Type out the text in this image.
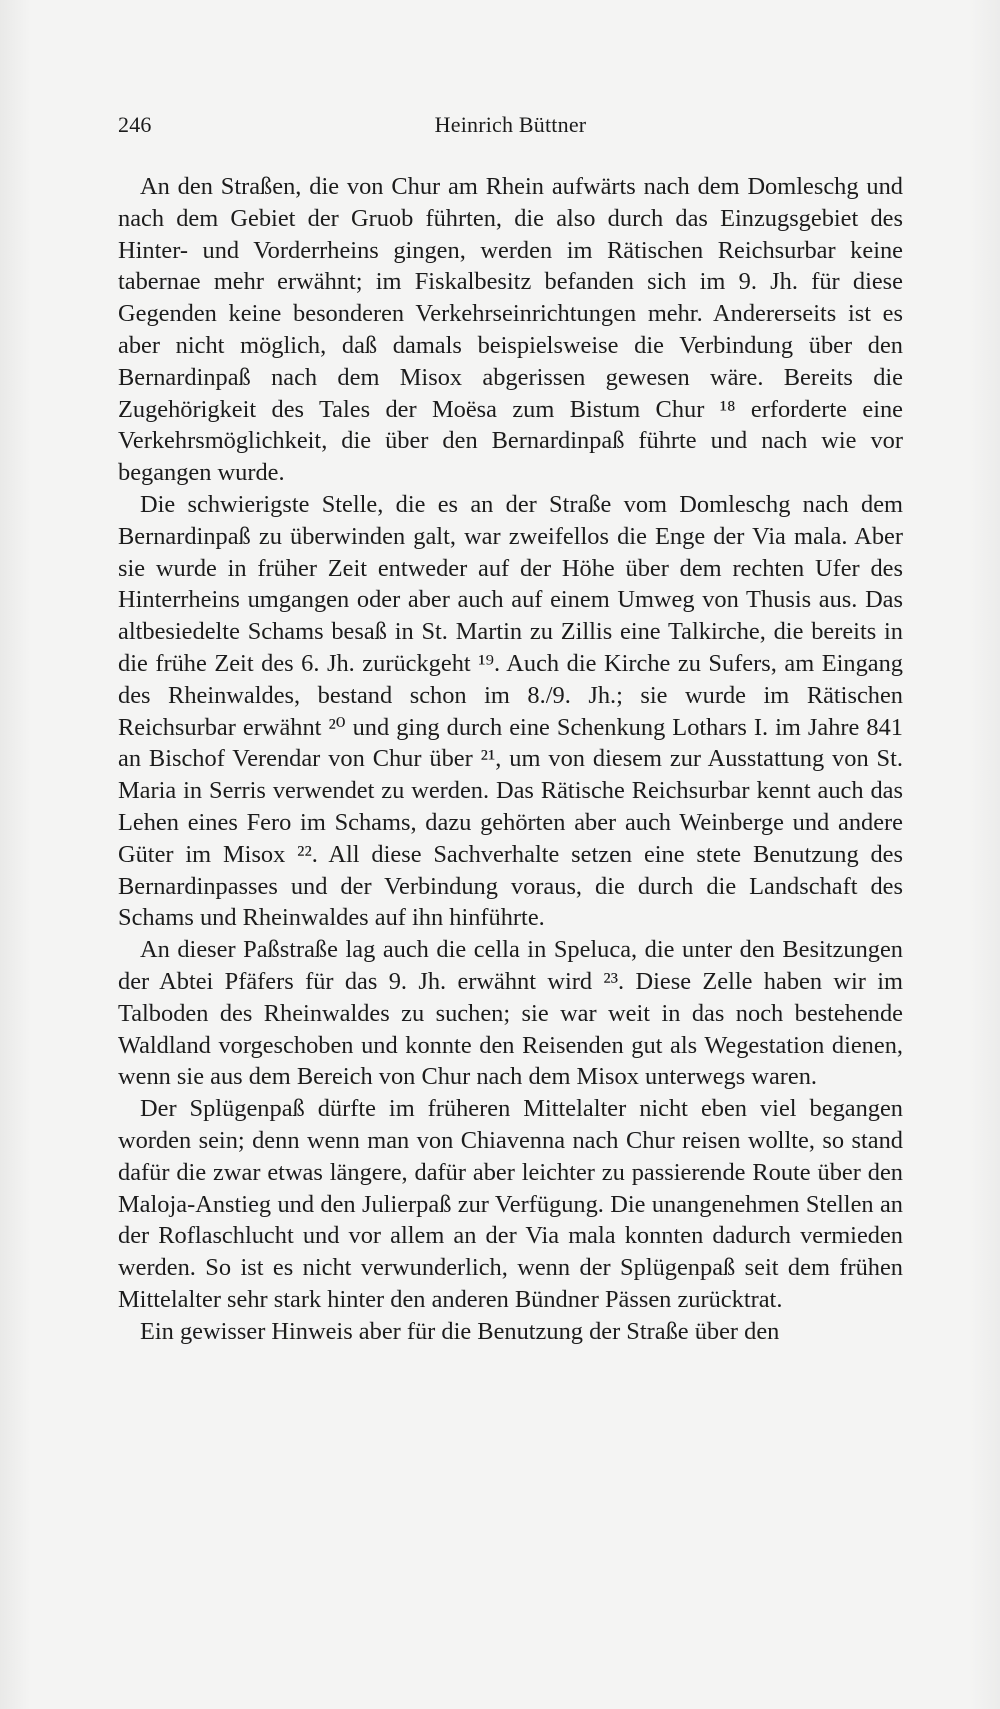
246	Heinrich Büttner

An den Straßen, die von Chur am Rhein aufwärts nach dem Domleschg und nach dem Gebiet der Gruob führten, die also durch das Einzugsgebiet des Hinter- und Vorderrheins gingen, werden im Rätischen Reichsurbar keine tabernae mehr erwähnt; im Fiskalbesitz befanden sich im 9. Jh. für diese Gegenden keine besonderen Verkehrseinrichtungen mehr. Andererseits ist es aber nicht möglich, daß damals beispielsweise die Verbindung über den Bernardinpaß nach dem Misox abgerissen gewesen wäre. Bereits die Zugehörigkeit des Tales der Moësa zum Bistum Chur ¹⁸ erforderte eine Verkehrsmöglichkeit, die über den Bernardinpaß führte und nach wie vor begangen wurde.

Die schwierigste Stelle, die es an der Straße vom Domleschg nach dem Bernardinpaß zu überwinden galt, war zweifellos die Enge der Via mala. Aber sie wurde in früher Zeit entweder auf der Höhe über dem rechten Ufer des Hinterrheins umgangen oder aber auch auf einem Umweg von Thusis aus. Das altbesiedelte Schams besaß in St. Martin zu Zillis eine Talkirche, die bereits in die frühe Zeit des 6. Jh. zurückgeht ¹⁹. Auch die Kirche zu Sufers, am Eingang des Rheinwaldes, bestand schon im 8./9. Jh.; sie wurde im Rätischen Reichsurbar erwähnt ²⁰ und ging durch eine Schenkung Lothars I. im Jahre 841 an Bischof Verendar von Chur über ²¹, um von diesem zur Ausstattung von St. Maria in Serris verwendet zu werden. Das Rätische Reichsurbar kennt auch das Lehen eines Fero im Schams, dazu gehörten aber auch Weinberge und andere Güter im Misox ²². All diese Sachverhalte setzen eine stete Benutzung des Bernardinpasses und der Verbindung voraus, die durch die Landschaft des Schams und Rheinwaldes auf ihn hinführte.

An dieser Paßstraße lag auch die cella in Speluca, die unter den Besitzungen der Abtei Pfäfers für das 9. Jh. erwähnt wird ²³. Diese Zelle haben wir im Talboden des Rheinwaldes zu suchen; sie war weit in das noch bestehende Waldland vorgeschoben und konnte den Reisenden gut als Wegestation dienen, wenn sie aus dem Bereich von Chur nach dem Misox unterwegs waren.

Der Splügenpaß dürfte im früheren Mittelalter nicht eben viel begangen worden sein; denn wenn man von Chiavenna nach Chur reisen wollte, so stand dafür die zwar etwas längere, dafür aber leichter zu passierende Route über den Maloja-Anstieg und den Julierpaß zur Verfügung. Die unangenehmen Stellen an der Roflaschlucht und vor allem an der Via mala konnten dadurch vermieden werden. So ist es nicht verwunderlich, wenn der Splügenpaß seit dem frühen Mittelalter sehr stark hinter den anderen Bündner Pässen zurücktrat.

Ein gewisser Hinweis aber für die Benutzung der Straße über den
